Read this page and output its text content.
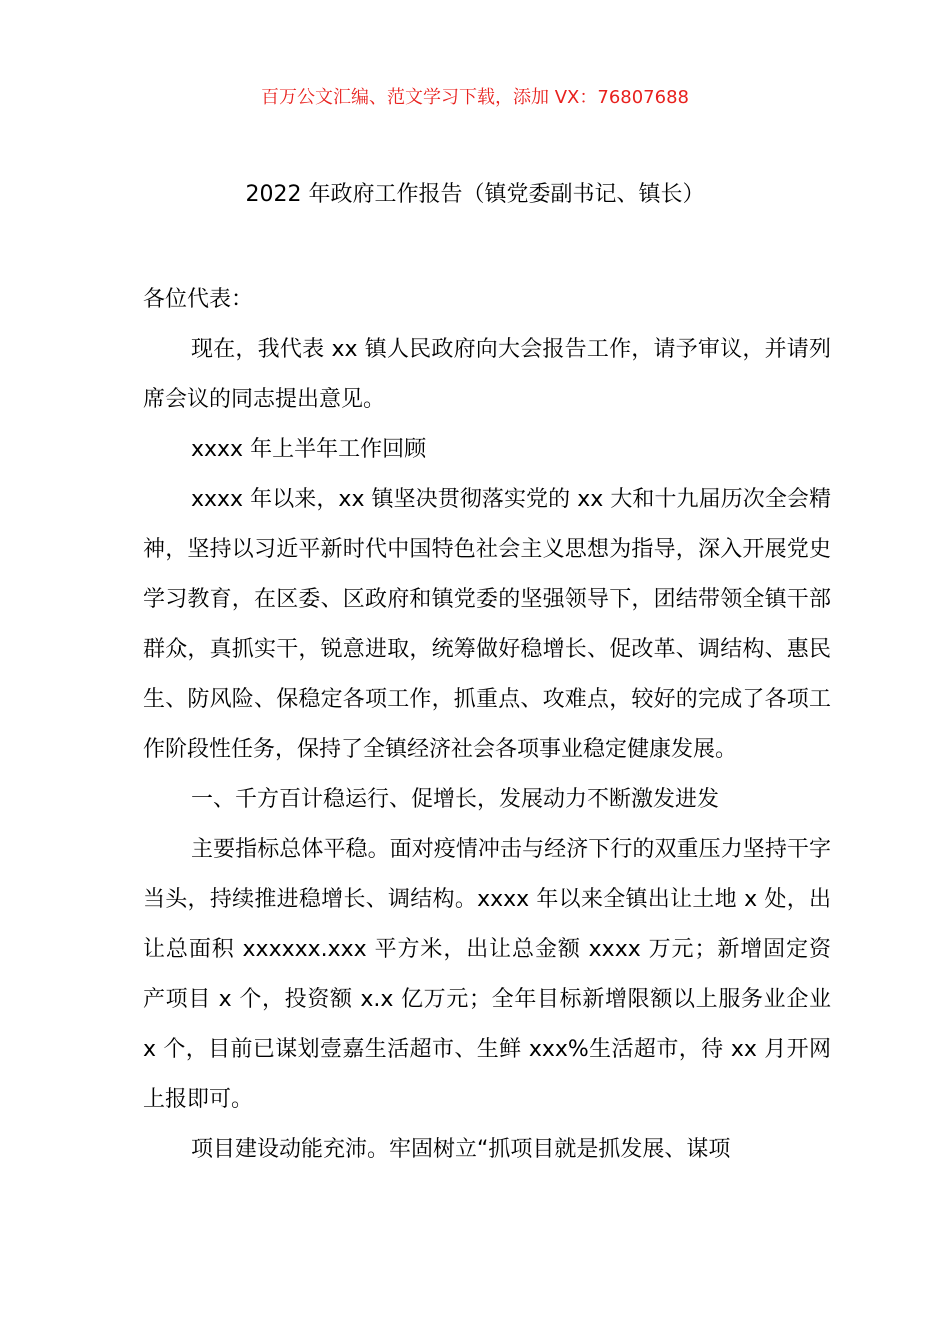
百万公文汇编、范文学习下载，添加 VX：76807688
2022 年政府工作报告（镇党委副书记、镇长）

各位代表：

现在，我代表 xx 镇人民政府向大会报告工作，请予审议，并请列席会议的同志提出意见。

xxxx 年上半年工作回顾

xxxx 年以来，xx 镇坚决贯彻落实党的 xx 大和十九届历次全会精神，坚持以习近平新时代中国特色社会主义思想为指导，深入开展党史学习教育，在区委、区政府和镇党委的坚强领导下，团结带领全镇干部群众，真抓实干，锐意进取，统筹做好稳增长、促改革、调结构、惠民生、防风险、保稳定各项工作，抓重点、攻难点，较好的完成了各项工作阶段性任务，保持了全镇经济社会各项事业稳定健康发展。

一、千方百计稳运行、促增长，发展动力不断激发进发

主要指标总体平稳。面对疫情冲击与经济下行的双重压力坚持干字当头，持续推进稳增长、调结构。xxxx 年以来全镇出让土地 x 处，出让总面积 xxxxxx.xxx 平方米，出让总金额 xxxx 万元；新增固定资产项目 x 个，投资额 x.x 亿万元；全年目标新增限额以上服务业企业 x 个，目前已谋划壹嘉生活超市、生鲜 xxx%生活超市，待 xx 月开网上报即可。

项目建设动能充沛。牢固树立“抓项目就是抓发展、谋项
